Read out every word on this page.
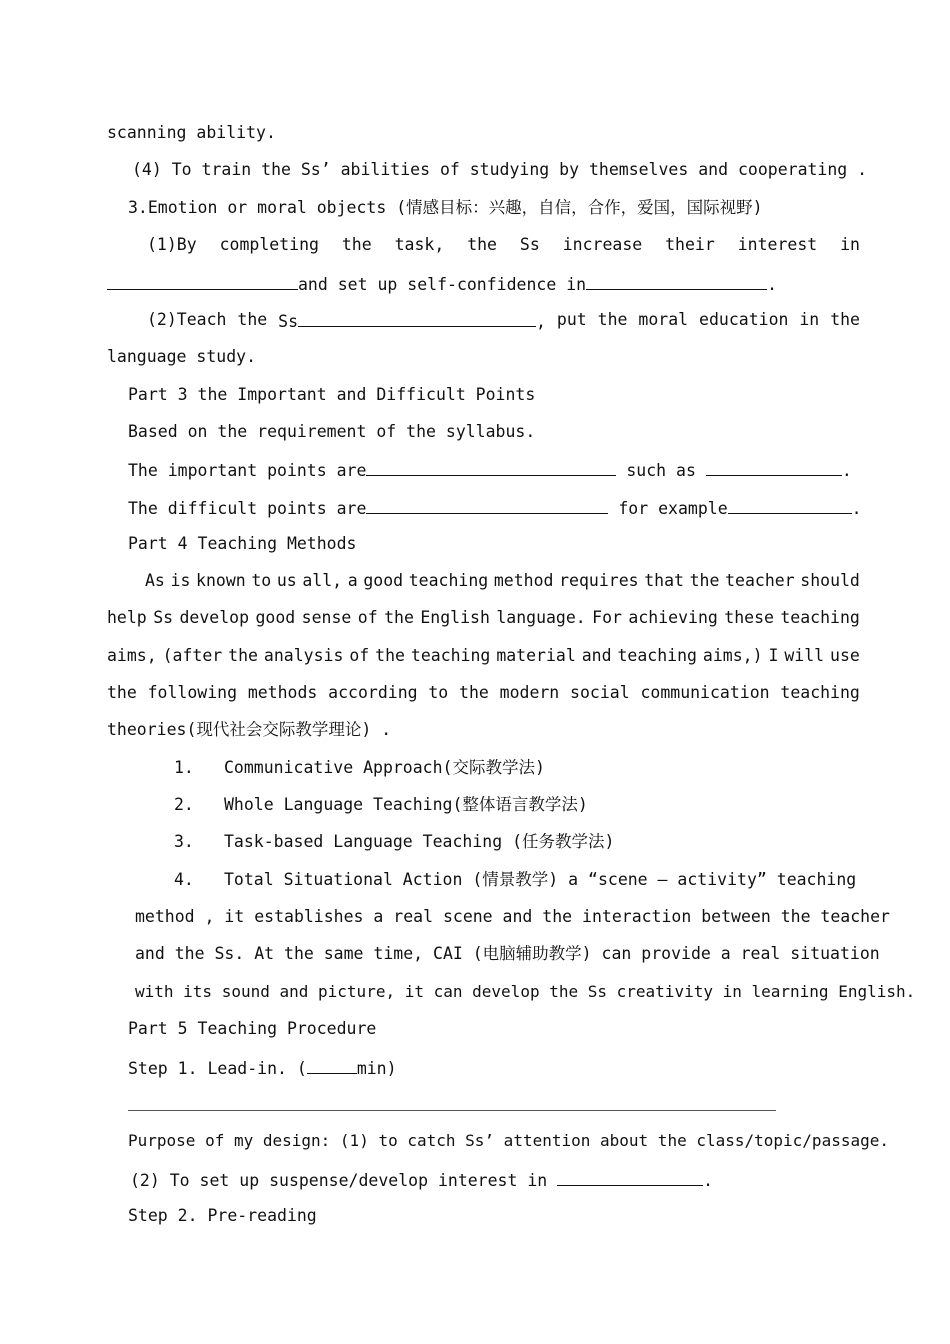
scanning ability.
(4) To train the Ss’ abilities of studying by themselves and cooperating .
3.Emotion or moral objects (情感目标：兴趣，自信，合作，爱国，国际视野)
(1)By completing the task, the Ss increase their interest in
and set up self-confidence in	.
(2)Teach the Ss	, put the moral education in the
language study.
Part 3 the Important and Difficult Points
Based on the requirement of the syllabus.
The important points are	such as	.
The difficult points are	for example	.
Part 4 Teaching Methods
As is known to us all, a good teaching method requires that the teacher should
help Ss develop good sense of the English language. For achieving these teaching
aims, (after the analysis of the teaching material and teaching aims,) I will use
the following methods according to the modern social communication teaching
theories(现代社会交际教学理论) .
1. Communicative Approach(交际教学法)
2. Whole Language Teaching(整体语言教学法)
3. Task-based Language Teaching (任务教学法)
4. Total Situational Action (情景教学) a “scene — activity” teaching
method , it establishes a real scene and the interaction between the teacher
and the Ss. At the same time, CAI (电脑辅助教学) can provide a real situation
with its sound and picture, it can develop the Ss creativity in learning English.
Part 5 Teaching Procedure
Step 1. Lead-in. (	min)
Purpose of my design: (1) to catch Ss’ attention about the class/topic/passage.
(2) To set up suspense/develop interest in	.
Step 2. Pre-reading
